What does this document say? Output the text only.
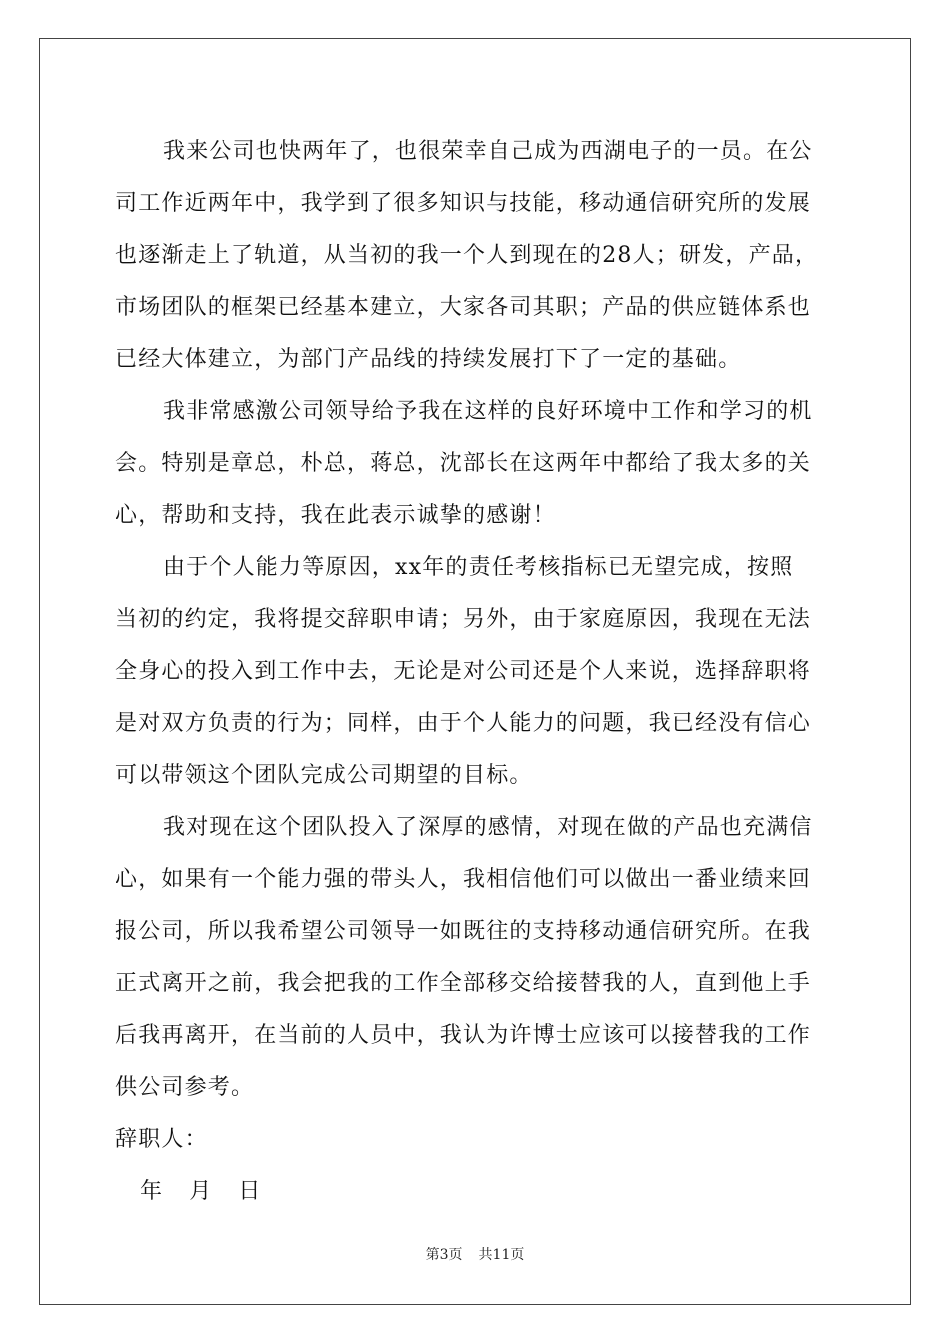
我来公司也快两年了，也很荣幸自己成为西湖电子的一员。在公
司工作近两年中，我学到了很多知识与技能，移动通信研究所的发展
也逐渐走上了轨道，从当初的我一个人到现在的28人；研发，产品，
市场团队的框架已经基本建立，大家各司其职；产品的供应链体系也
已经大体建立，为部门产品线的持续发展打下了一定的基础。
我非常感激公司领导给予我在这样的良好环境中工作和学习的机
会。特别是章总，朴总，蒋总，沈部长在这两年中都给了我太多的关
心，帮助和支持，我在此表示诚挚的感谢！
由于个人能力等原因，xx年的责任考核指标已无望完成，按照
当初的约定，我将提交辞职申请；另外，由于家庭原因，我现在无法
全身心的投入到工作中去，无论是对公司还是个人来说，选择辞职将
是对双方负责的行为；同样，由于个人能力的问题，我已经没有信心
可以带领这个团队完成公司期望的目标。
我对现在这个团队投入了深厚的感情，对现在做的产品也充满信
心，如果有一个能力强的带头人，我相信他们可以做出一番业绩来回
报公司，所以我希望公司领导一如既往的支持移动通信研究所。在我
正式离开之前，我会把我的工作全部移交给接替我的人，直到他上手
后我再离开，在当前的人员中，我认为许博士应该可以接替我的工作
供公司参考。
辞职人：
年 月 日
第3页 共11页
